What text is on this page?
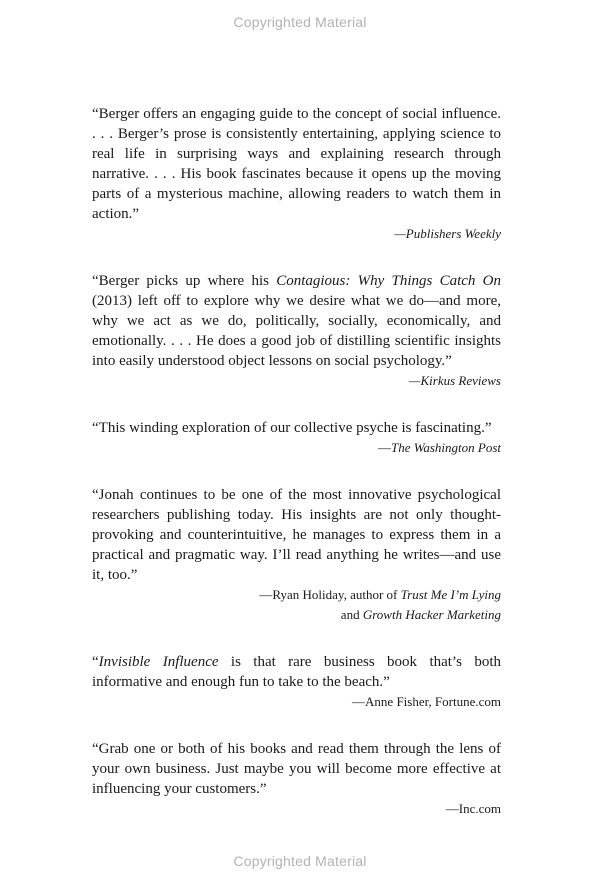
Copyrighted Material

“Berger offers an engaging guide to the concept of social influence. . . . Berger’s prose is consistently entertaining, applying science to real life in surprising ways and explaining research through narrative. . . . His book fascinates because it opens up the moving parts of a mysterious machine, allowing readers to watch them in action.”

—Publishers Weekly

“Berger picks up where his Contagious: Why Things Catch On (2013) left off to explore why we desire what we do—and more, why we act as we do, politically, socially, economically, and emotionally. . . . He does a good job of distilling scientific insights into easily understood object lessons on social psychology.”

—Kirkus Reviews

“This winding exploration of our collective psyche is fascinating.”

—The Washington Post

“Jonah continues to be one of the most innovative psychological researchers publishing today. His insights are not only thought-provoking and counterintuitive, he manages to express them in a practical and pragmatic way. I’ll read anything he writes—and use it, too.”

—Ryan Holiday, author of Trust Me I’m Lying

and Growth Hacker Marketing

“Invisible Influence is that rare business book that’s both informative and enough fun to take to the beach.”

—Anne Fisher, Fortune.com

“Grab one or both of his books and read them through the lens of your own business. Just maybe you will become more effective at influencing your customers.”

—Inc.com

Copyrighted Material
